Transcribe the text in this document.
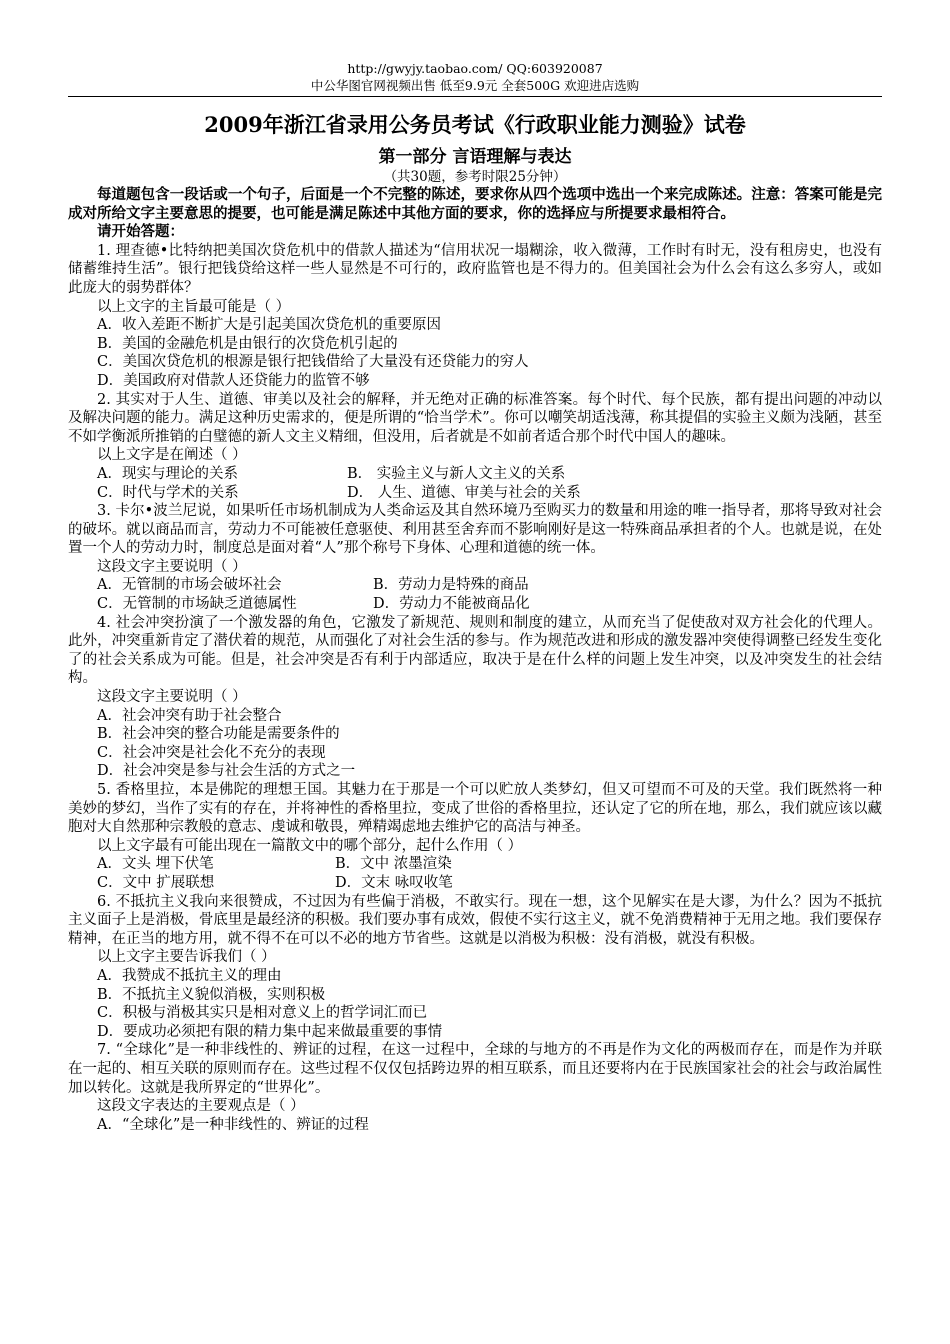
http://gwyjy.taobao.com/ QQ:603920087
中公华图官网视频出售 低至9.9元 全套500G 欢迎进店选购
2009年浙江省录用公务员考试《行政职业能力测验》试卷
第一部分 言语理解与表达
（共30题，参考时限25分钟）

每道题包含一段话或一个句子，后面是一个不完整的陈述，要求你从四个选项中选出一个来完成陈述。注意：答案可能是完成对所给文字主要意思的提要，也可能是满足陈述中其他方面的要求，你的选择应与所提要求最相符合。

请开始答题：

1. 理查德•比特纳把美国次贷危机中的借款人描述为“信用状况一塌糊涂，收入微薄，工作时有时无，没有租房史，也没有储蓄维持生活”。银行把钱贷给这样一些人显然是不可行的，政府监管也是不得力的。但美国社会为什么会有这么多穷人，或如此庞大的弱势群体？

以上文字的主旨最可能是（ ）

A．收入差距不断扩大是引起美国次贷危机的重要原因

B．美国的金融危机是由银行的次贷危机引起的

C．美国次贷危机的根源是银行把钱借给了大量没有还贷能力的穷人

D．美国政府对借款人还贷能力的监管不够

2. 其实对于人生、道德、审美以及社会的解释，并无绝对正确的标准答案。每个时代、每个民族，都有提出问题的冲动以及解决问题的能力。满足这种历史需求的，便是所谓的“恰当学术”。你可以嘲笑胡适浅薄，称其提倡的实验主义颇为浅陋，甚至不如学衡派所推销的白璧德的新人文主义精细，但没用，后者就是不如前者适合那个时代中国人的趣味。

以上文字是在阐述（ ）

A．现实与理论的关系	B． 实验主义与新人文主义的关系
C．时代与学术的关系	D． 人生、道德、审美与社会的关系

3. 卡尔•波兰尼说，如果听任市场机制成为人类命运及其自然环境乃至购买力的数量和用途的唯一指导者，那将导致对社会的破坏。就以商品而言，劳动力不可能被任意驱使、利用甚至舍弃而不影响刚好是这一特殊商品承担者的个人。也就是说，在处置一个人的劳动力时，制度总是面对着“人”那个称号下身体、心理和道德的统一体。

这段文字主要说明（ ）

A．无管制的市场会破坏社会	B．劳动力是特殊的商品
C．无管制的市场缺乏道德属性	D．劳动力不能被商品化

4. 社会冲突扮演了一个激发器的角色，它激发了新规范、规则和制度的建立，从而充当了促使敌对双方社会化的代理人。此外，冲突重新肯定了潜伏着的规范，从而强化了对社会生活的参与。作为规范改进和形成的激发器冲突使得调整已经发生变化了的社会关系成为可能。但是，社会冲突是否有利于内部适应，取决于是在什么样的问题上发生冲突，以及冲突发生的社会结构。

这段文字主要说明（ ）

A．社会冲突有助于社会整合

B．社会冲突的整合功能是需要条件的

C．社会冲突是社会化不充分的表现

D．社会冲突是参与社会生活的方式之一

5. 香格里拉，本是佛陀的理想王国。其魅力在于那是一个可以贮放人类梦幻，但又可望而不可及的天堂。我们既然将一种美妙的梦幻，当作了实有的存在，并将神性的香格里拉，变成了世俗的香格里拉，还认定了它的所在地，那么，我们就应该以藏胞对大自然那种宗教般的意志、虔诚和敬畏，殚精竭虑地去维护它的高洁与神圣。

以上文字最有可能出现在一篇散文中的哪个部分，起什么作用（ ）

A．文头 埋下伏笔	B．文中 浓墨渲染
C．文中 扩展联想	D．文末 咏叹收笔

6. 不抵抗主义我向来很赞成，不过因为有些偏于消极，不敢实行。现在一想，这个见解实在是大谬，为什么？因为不抵抗主义面子上是消极，骨底里是最经济的积极。我们要办事有成效，假使不实行这主义，就不免消费精神于无用之地。我们要保存精神，在正当的地方用，就不得不在可以不必的地方节省些。这就是以消极为积极：没有消极，就没有积极。

以上文字主要告诉我们（ ）

A．我赞成不抵抗主义的理由

B．不抵抗主义貌似消极，实则积极

C．积极与消极其实只是相对意义上的哲学词汇而已

D．要成功必须把有限的精力集中起来做最重要的事情

7. “全球化”是一种非线性的、辨证的过程，在这一过程中，全球的与地方的不再是作为文化的两极而存在，而是作为并联在一起的、相互关联的原则而存在。这些过程不仅仅包括跨边界的相互联系，而且还要将内在于民族国家社会的社会与政治属性加以转化。这就是我所界定的“世界化”。

这段文字表达的主要观点是（ ）

A．“全球化”是一种非线性的、辨证的过程
